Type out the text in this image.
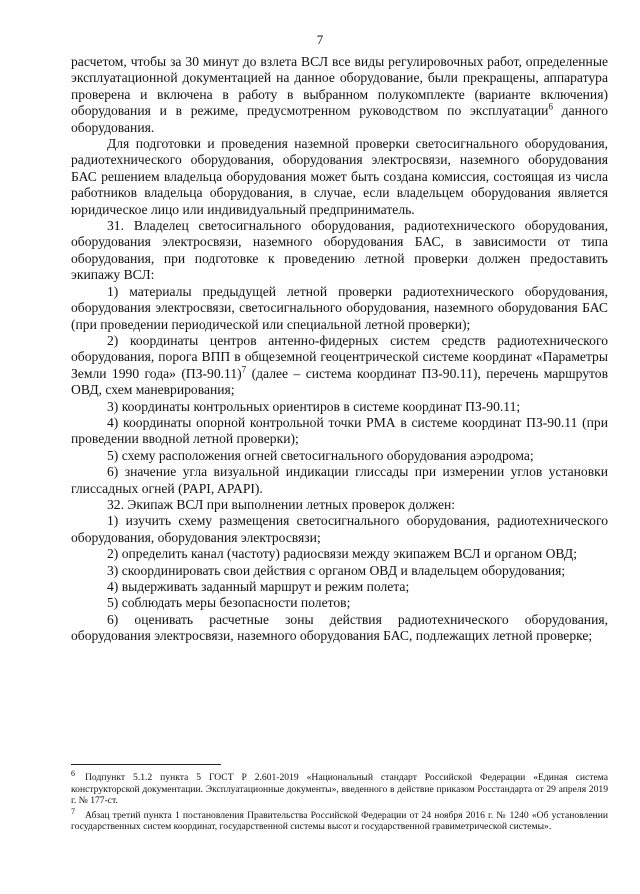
7

расчетом, чтобы за 30 минут до взлета ВСЛ все виды регулировочных работ, определенные эксплуатационной документацией на данное оборудование, были прекращены, аппаратура проверена и включена в работу в выбранном полукомплекте (варианте включения) оборудования и в режиме, предусмотренном руководством по эксплуатации$^6$ данного оборудования.

Для подготовки и проведения наземной проверки светосигнального оборудования, радиотехнического оборудования, оборудования электросвязи, наземного оборудования БАС решением владельца оборудования может быть создана комиссия, состоящая из числа работников владельца оборудования, в случае, если владельцем оборудования является юридическое лицо или индивидуальный предприниматель.

31. Владелец светосигнального оборудования, радиотехнического оборудования, оборудования электросвязи, наземного оборудования БАС, в зависимости от типа оборудования, при подготовке к проведению летной проверки должен предоставить экипажу ВСЛ:

1) материалы предыдущей летной проверки радиотехнического оборудования, оборудования электросвязи, светосигнального оборудования, наземного оборудования БАС (при проведении периодической или специальной летной проверки);

2) координаты центров антенно-фидерных систем средств радиотехнического оборудования, порога ВПП в общеземной геоцентрической системе координат «Параметры Земли 1990 года» $(ПЗ-90.11)^7$ (далее – система координат ПЗ-90.11), перечень маршрутов ОВД, схем маневрирования;

3) координаты контрольных ориентиров в системе координат ПЗ-90.11;

4) координаты опорной контрольной точки РМА в системе координат ПЗ-90.11 (при проведении вводной летной проверки);

5) схему расположения огней светосигнального оборудования аэродрома;

6) значение угла визуальной индикации глиссады при измерении углов установки глиссадных огней (PAPI, APAPI).

32. Экипаж ВСЛ при выполнении летных проверок должен:

1) изучить схему размещения светосигнального оборудования, радиотехнического оборудования, оборудования электросвязи;

2) определить канал (частоту) радиосвязи между экипажем ВСЛ и органом ОВД;

3) скоординировать свои действия с органом ОВД и владельцем оборудования;

4) выдерживать заданный маршрут и режим полета;

5) соблюдать меры безопасности полетов;

6) оценивать расчетные зоны действия радиотехнического оборудования, оборудования электросвязи, наземного оборудования БАС, подлежащих летной проверке;

6 Подпункт 5.1.2 пункта 5 ГОСТ Р 2.601-2019 «Национальный стандарт Российской Федерации «Единая система конструкторской документации. Эксплуатационные документы», введенного в действие приказом Росстандарта от 29 апреля 2019 г. № 177-ст.

7 Абзац третий пункта 1 постановления Правительства Российской Федерации от 24 ноября 2016 г. № 1240 «Об установлении государственных систем координат, государственной системы высот и государственной гравиметрической системы».
